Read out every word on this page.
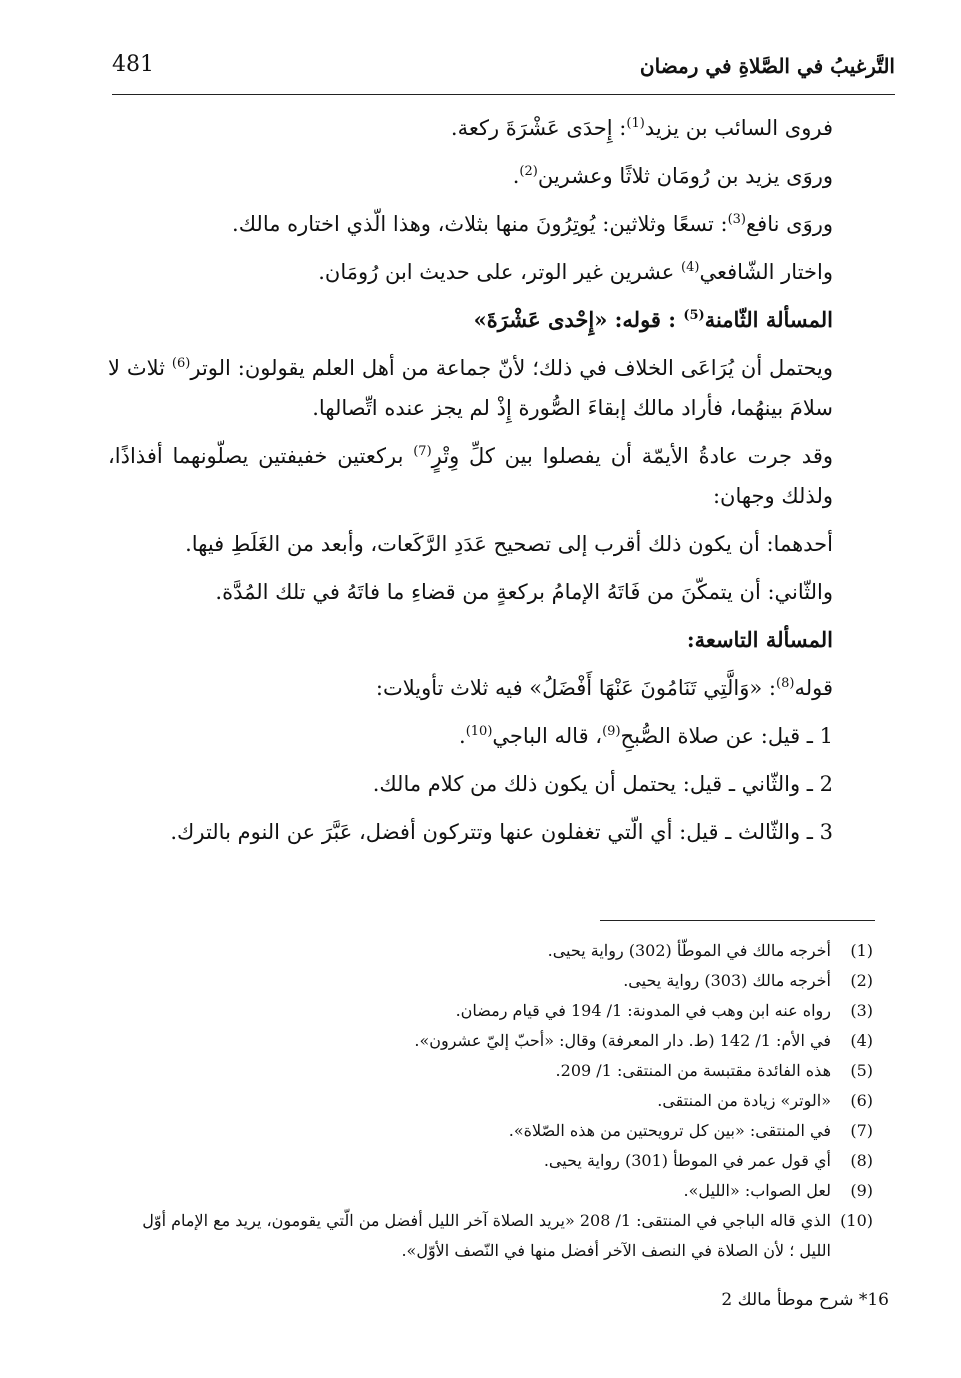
التَّرغيبُ في الصَّلاةِ في رمضان
481

فروى السائب بن يزيد$^{(1)}$: إِحدَى عَشْرَةَ ركعة.

وروَى يزيد بن رُومَان ثلاثًا وعشرين$^{(2)}$.

وروَى نافع$^{(3)}$: تسعًا وثلاثين: يُوتِرُونَ منها بثلاث، وهذا الّذي اختاره مالك.

واختار الشّافعي$^{(4)}$ عشرين غير الوتر، على حديث ابن رُومَان.

المسألة الثّامنة$^{(5)}$ : قوله: «إِحْدى عَشْرَةَ»

ويحتمل أن يُرَاعَى الخلاف في ذلك؛ لأنّ جماعة من أهل العلم يقولون: الوتر$^{(6)}$ ثلاث لا سلامَ بينهُما، فأراد مالك إبقاءَ الصُّورة إِذْ لم يجز عنده اتِّصالها.

وقد جرت عادةُ الأيمّة أن يفصلوا بين كلِّ وِتْرٍ$^{(7)}$ بركعتين خفيفتين يصلّونهما أفذاذًا، ولذلك وجهان:

أحدهما: أن يكون ذلك أقرب إلى تصحيح عَدَدِ الرَّكَعات، وأبعد من الغَلَطِ فيها.

والثّاني: أن يتمكّنَ من فَاتَهُ الإمامُ بركعةٍ من قضاءِ ما فاتَهُ في تلك المُدَّة.

المسألة التاسعة:

قوله$^{(8)}$: «وَالَّتِي تَنَامُونَ عَنْهَا أَفْضَلُ» فيه ثلاث تأويلات:

1 ـ قيل: عن صلاة الصُّبحِ$^{(9)}$، قاله الباجي$^{(10)}$.

2 ـ والثّاني ـ قيل: يحتمل أن يكون ذلك من كلام مالك.

3 ـ والثّالث ـ قيل: أي الّتي تغفلون عنها وتتركون أفضل، عَبَّرَ عن النوم بالترك.

(1)
أخرجه مالك في الموطّأ (302) رواية يحيى.
(2)
أخرجه مالك (303) رواية يحيى.
(3)
رواه عنه ابن وهب في المدونة: 1/ 194 في قيام رمضان.
(4)
في الأم: 1/ 142 (ط. دار المعرفة) وقال: «أحبّ إليّ عشرون».
(5)
هذه الفائدة مقتبسة من المنتقى: 1/ 209.
(6)
«الوتر» زيادة من المنتقى.
(7)
في المنتقى: «بين كل ترويحتين من هذه الصّلاة».
(8)
أي قول عمر في الموطأ (301) رواية يحيى.
(9)
لعل الصواب: «الليل».
(10)
الذي قاله الباجي في المنتقى: 1/ 208 «يريد الصلاة آخر الليل أفضل من الّتي يقومون، يريد مع الإمام أوّل الليل ؛ لأن الصلاة في النصف الآخر أفضل منها في النّصف الأوّل».
16* شرح موطأ مالك 2
